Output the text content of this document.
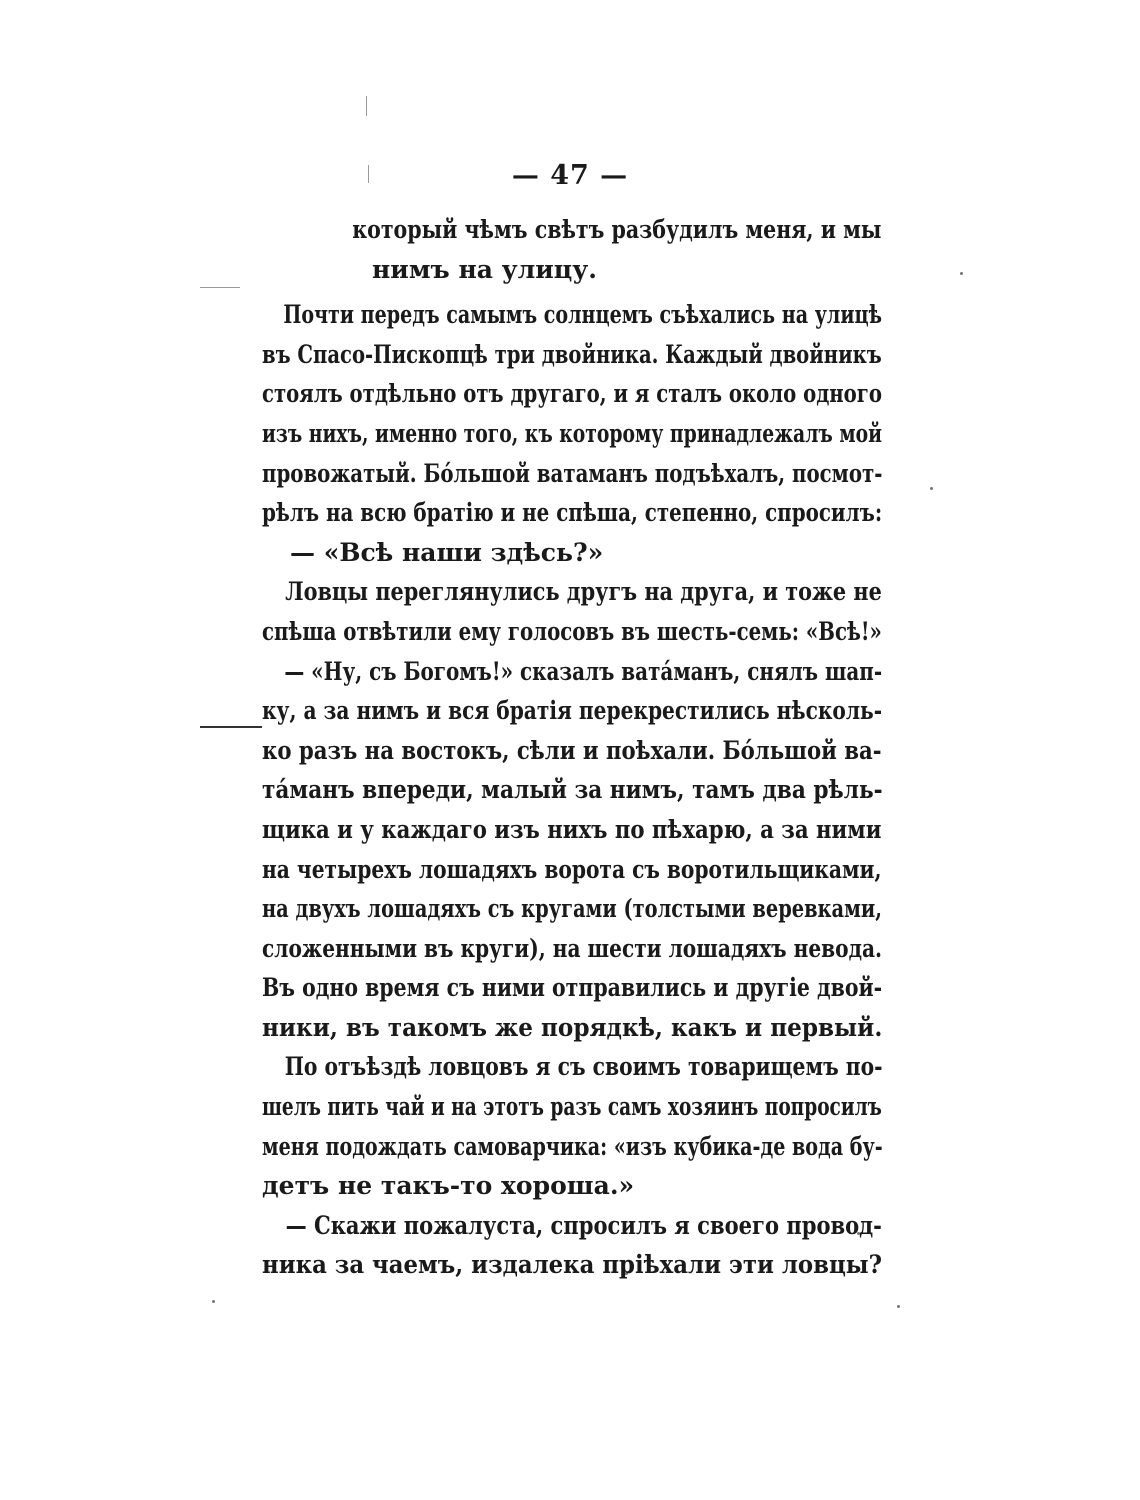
— 47 —
который чѣмъ свѣтъ разбудилъ меня, и мы
нимъ на улицу.
Почти передъ самымъ солнцемъ съѣхались на улицѣ
въ Спасо-Пископцѣ три двойника. Каждый двойникъ
стоялъ отдѣльно отъ другаго, и я сталъ около одного
изъ нихъ, именно того, къ которому принадлежалъ мой
провожатый. Бо́льшой ватаманъ подъѣхалъ, посмот-
рѣлъ на всю братію и не спѣша, степенно, спросилъ:
— «Всѣ наши здѣсь?»
Ловцы переглянулись другъ на друга, и тоже не
спѣша отвѣтили ему голосовъ въ шесть-семь: «Всѣ!»
— «Ну, съ Богомъ!» сказалъ вата́манъ, снялъ шап-
ку, а за нимъ и вся братія перекрестились нѣсколь-
ко разъ на востокъ, сѣли и поѣхали. Бо́льшой ва-
та́манъ впереди, малый за нимъ, тамъ два рѣль-
щика и у каждаго изъ нихъ по пѣхарю, а за ними
на четырехъ лошадяхъ ворота съ воротильщиками,
на двухъ лошадяхъ съ кругами (толстыми веревками,
сложенными въ круги), на шести лошадяхъ невода.
Въ одно время съ ними отправились и другіе двой-
ники, въ такомъ же порядкѣ, какъ и первый.
По отъѣздѣ ловцовъ я съ своимъ товарищемъ по-
шелъ пить чай и на этотъ разъ самъ хозяинъ попросилъ
меня подождать самоварчика: «изъ кубика-де вода бу-
детъ не такъ-то хороша.»
— Скажи пожалуста, спросилъ я своего провод-
ника за чаемъ, издалека пріѣхали эти ловцы?
